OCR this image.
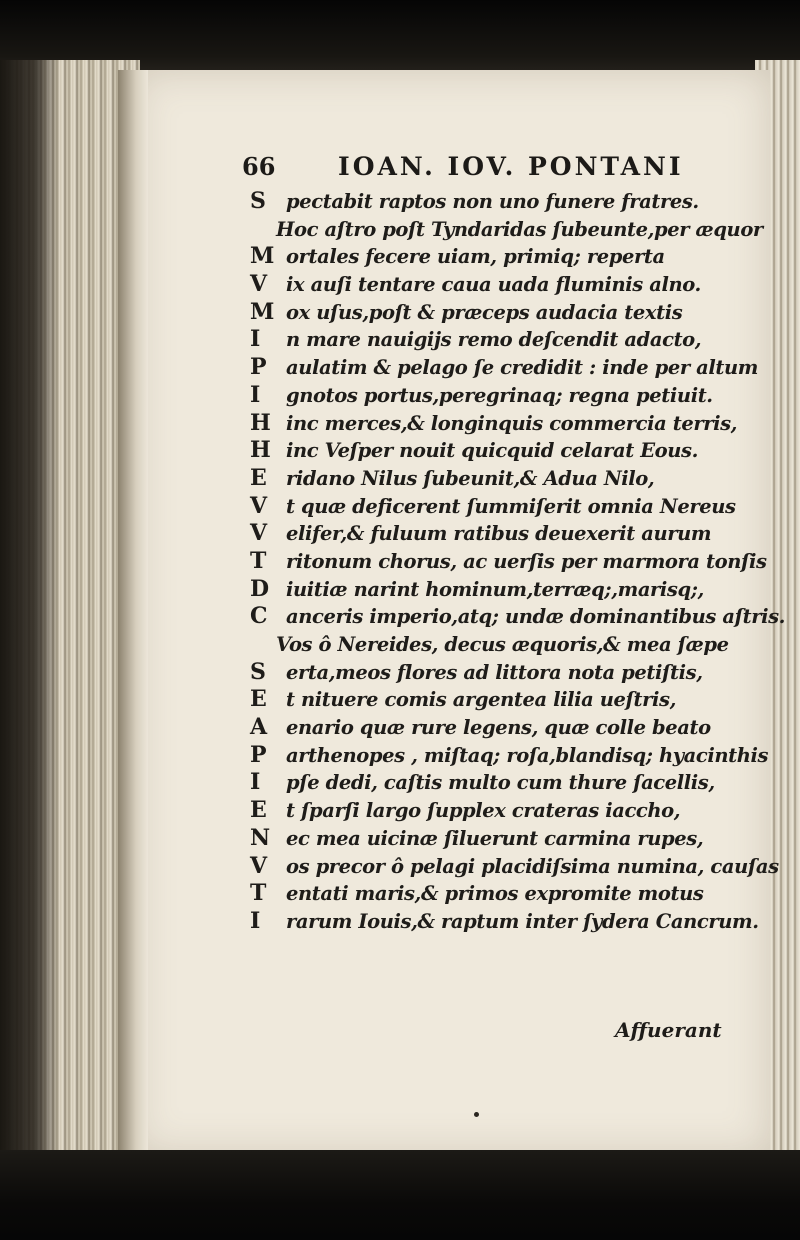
66	IOAN. IOV. PONTANI
S pectabit raptos non uno funere fratres.
Hoc aſtro poſt Tyndaridas ſubeunte,per æquor
M ortales fecere uiam, primiq; reperta
V ix auſi tentare caua uada fluminis alno.
M ox uſus,poſt & præceps audacia textis
I n mare nauigijs remo deſcendit adacto,
P aulatim & pelago ſe credidit : inde per altum
I gnotos portus,peregrinaq; regna petiuit.
H inc merces,& longinquis commercia terris,
H inc Veſper nouit quicquid celarat Eous.
E ridano Nilus ſubeunit,& Adua Nilo,
V t quæ deficerent ſummiſerit omnia Nereus
V elifer,& fuluum ratibus deuexerit aurum
T ritonum chorus, ac uerſis per marmora tonſis
D iuitiæ narint hominum,terræq;,marisq;,
C anceris imperio,atq; undæ dominantibus aſtris.
Vos ô Nereides, decus æquoris,& mea ſæpe
S erta,meos flores ad littora nota petiſtis,
E t nituere comis argentea lilia ueſtris,
A enario quæ rure legens, quæ colle beato
P arthenopes , miſtaq; roſa,blandisq; hyacinthis
I pſe dedi, caſtis multo cum thure ſacellis,
E t ſparſi largo ſupplex crateras iaccho,
N ec mea uicinæ ſiluerunt carmina rupes,
V os precor ô pelagi placidiſsima numina, cauſas
T entati maris,& primos expromite motus
I rarum Iouis,& raptum inter ſydera Cancrum.
Affuerant
